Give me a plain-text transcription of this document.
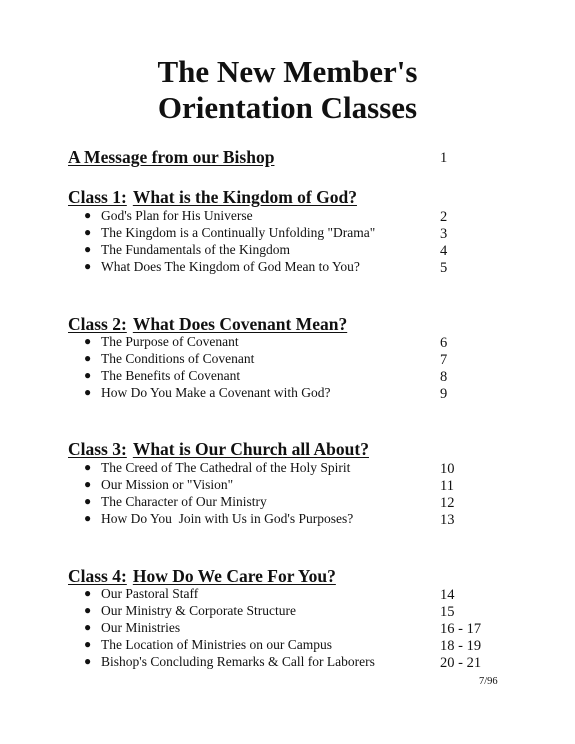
The New Member's
Orientation Classes
A Message from our Bishop	1
Class 1: What is the Kingdom of God?
● God's Plan for His Universe	2
● The Kingdom is a Continually Unfolding "Drama"	3
● The Fundamentals of the Kingdom	4
● What Does The Kingdom of God Mean to You?	5
Class 2: What Does Covenant Mean?
● The Purpose of Covenant	6
● The Conditions of Covenant	7
● The Benefits of Covenant	8
● How Do You Make a Covenant with God?	9
Class 3: What is Our Church all About?
● The Creed of The Cathedral of the Holy Spirit	10
● Our Mission or "Vision"	11
● The Character of Our Ministry	12
● How Do You  Join with Us in God's Purposes?	13
Class 4: How Do We Care For You?
● Our Pastoral Staff	14
● Our Ministry & Corporate Structure	15
● Our Ministries	16 - 17
● The Location of Ministries on our Campus	18 - 19
● Bishop's Concluding Remarks & Call for Laborers	20 - 21
7/96
